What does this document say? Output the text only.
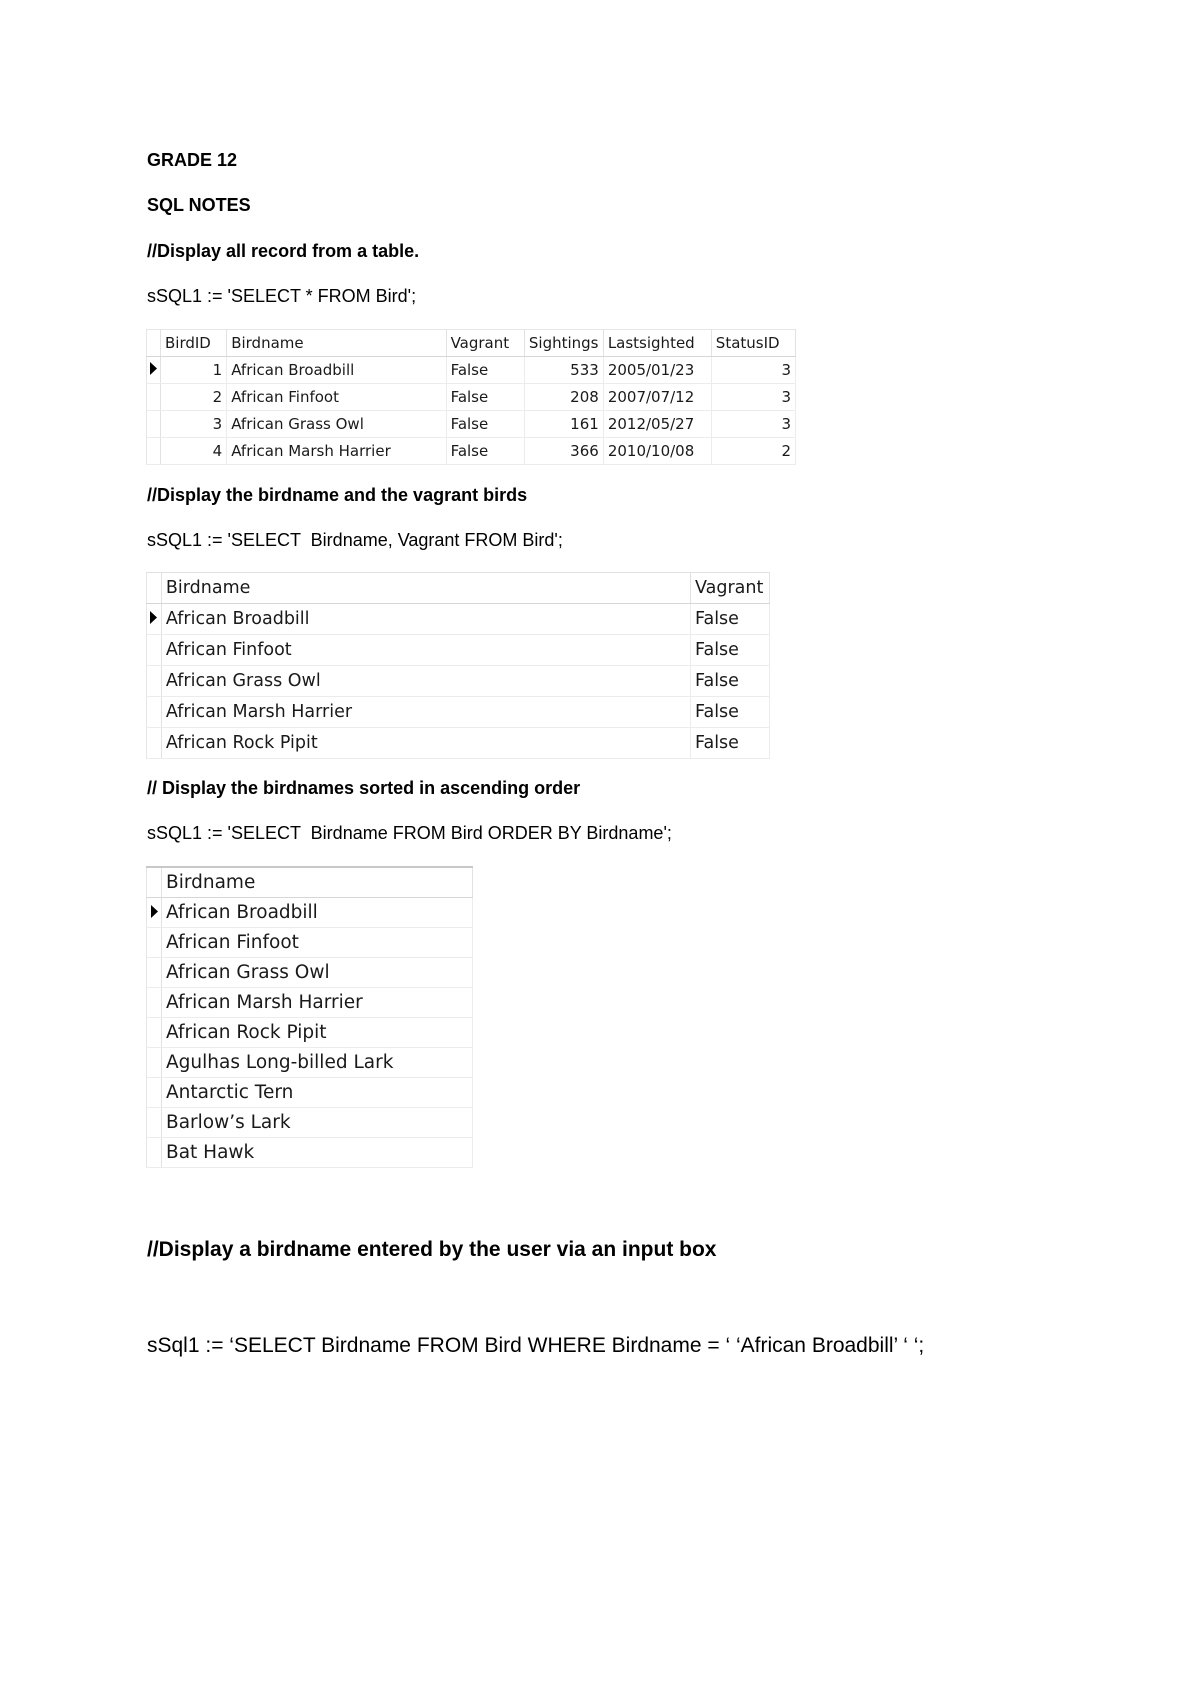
GRADE 12
SQL NOTES
//Display all record from a table.
sSQL1 := 'SELECT * FROM Bird';
	BirdID	Birdname	Vagrant	Sightings	Lastsighted	StatusID
	1	African Broadbill	False	533	2005/01/23	3
	2	African Finfoot	False	208	2007/07/12	3
	3	African Grass Owl	False	161	2012/05/27	3
	4	African Marsh Harrier	False	366	2010/10/08	2
//Display the birdname and the vagrant birds
sSQL1 := 'SELECT  Birdname, Vagrant FROM Bird';
	Birdname	Vagrant
	African Broadbill	False
	African Finfoot	False
	African Grass Owl	False
	African Marsh Harrier	False
	African Rock Pipit	False
// Display the birdnames sorted in ascending order
sSQL1 := 'SELECT  Birdname FROM Bird ORDER BY Birdname';
	Birdname
	African Broadbill
	African Finfoot
	African Grass Owl
	African Marsh Harrier
	African Rock Pipit
	Agulhas Long-billed Lark
	Antarctic Tern
	Barlow’s Lark
	Bat Hawk
//Display a birdname entered by the user via an input box
sSql1 := ‘SELECT Birdname FROM Bird WHERE Birdname = ‘ ‘African Broadbill’ ‘ ‘;
